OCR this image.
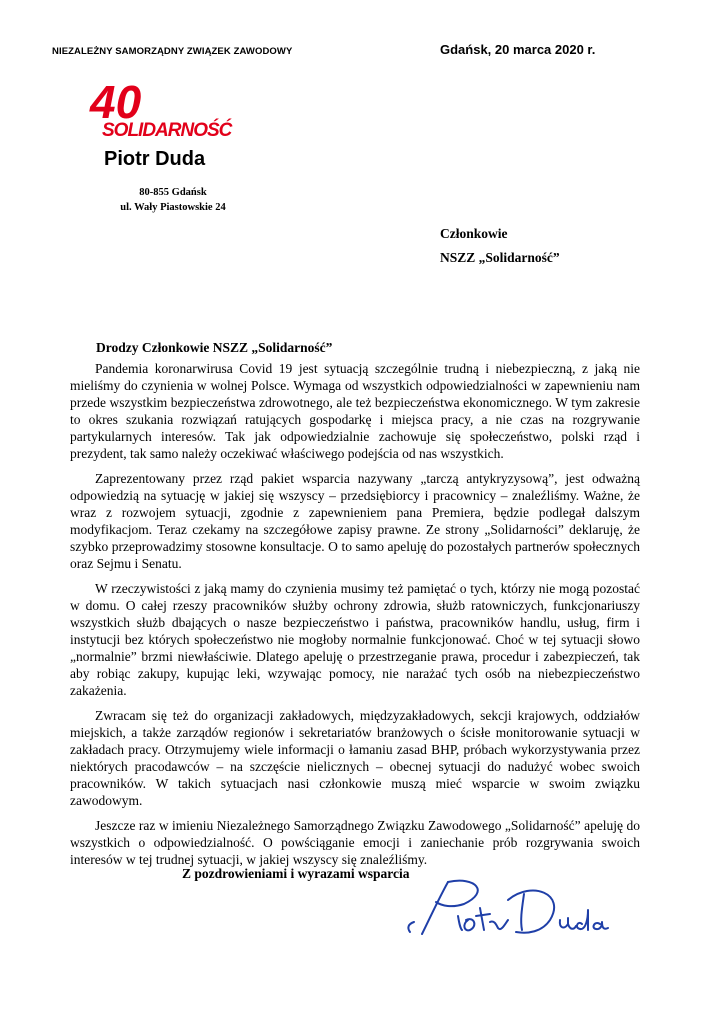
NIEZALEŻNY SAMORZĄDNY ZWIĄZEK ZAWODOWY	Gdańsk, 20 marca 2020 r.
40
SOLIDARNOŚĆ
Piotr Duda
80-855 Gdańsk
ul. Wały Piastowskie 24
Członkowie
NSZZ „Solidarność”
Drodzy Członkowie NSZZ „Solidarność”

Pandemia koronarwirusa Covid 19 jest sytuacją szczególnie trudną i niebezpieczną, z jaką nie mieliśmy do czynienia w wolnej Polsce. Wymaga od wszystkich odpowiedzialności w zapewnieniu nam przede wszystkim bezpieczeństwa zdrowotnego, ale też bezpieczeństwa ekonomicznego. W tym zakresie to okres szukania rozwiązań ratujących gospodarkę i miejsca pracy, a nie czas na rozgrywanie partykularnych interesów. Tak jak odpowiedzialnie zachowuje się społeczeństwo, polski rząd i prezydent, tak samo należy oczekiwać właściwego podejścia od nas wszystkich.

Zaprezentowany przez rząd pakiet wsparcia nazywany „tarczą antykryzysową”, jest odważną odpowiedzią na sytuację w jakiej się wszyscy – przedsiębiorcy i pracownicy – znaleźliśmy. Ważne, że wraz z rozwojem sytuacji, zgodnie z zapewnieniem pana Premiera, będzie podlegał dalszym modyfikacjom. Teraz czekamy na szczegółowe zapisy prawne. Ze strony „Solidarności” deklaruję, że szybko przeprowadzimy stosowne konsultacje. O to samo apeluję do pozostałych partnerów społecznych oraz Sejmu i Senatu.

W rzeczywistości z jaką mamy do czynienia musimy też pamiętać o tych, którzy nie mogą pozostać w domu. O całej rzeszy pracowników służby ochrony zdrowia, służb ratowniczych, funkcjonariuszy wszystkich służb dbających o nasze bezpieczeństwo i państwa, pracowników handlu, usług, firm i instytucji bez których społeczeństwo nie mogłoby normalnie funkcjonować. Choć w tej sytuacji słowo „normalnie” brzmi niewłaściwie. Dlatego apeluję o przestrzeganie prawa, procedur i zabezpieczeń, tak aby robiąc zakupy, kupując leki, wzywając pomocy, nie narażać tych osób na niebezpieczeństwo zakażenia.

Zwracam się też do organizacji zakładowych, międzyzakładowych, sekcji krajowych, oddziałów miejskich, a także zarządów regionów i sekretariatów branżowych o ścisłe monitorowanie sytuacji w zakładach pracy. Otrzymujemy wiele informacji o łamaniu zasad BHP, próbach wykorzystywania przez niektórych pracodawców – na szczęście nielicznych – obecnej sytuacji do nadużyć wobec swoich pracowników. W takich sytuacjach nasi członkowie muszą mieć wsparcie w swoim związku zawodowym.

Jeszcze raz w imieniu Niezależnego Samorządnego Związku Zawodowego „Solidarność” apeluję do wszystkich o odpowiedzialność. O powściąganie emocji i zaniechanie prób rozgrywania swoich interesów w tej trudnej sytuacji, w jakiej wszyscy się znaleźliśmy.

Z pozdrowieniami i wyrazami wsparcia
